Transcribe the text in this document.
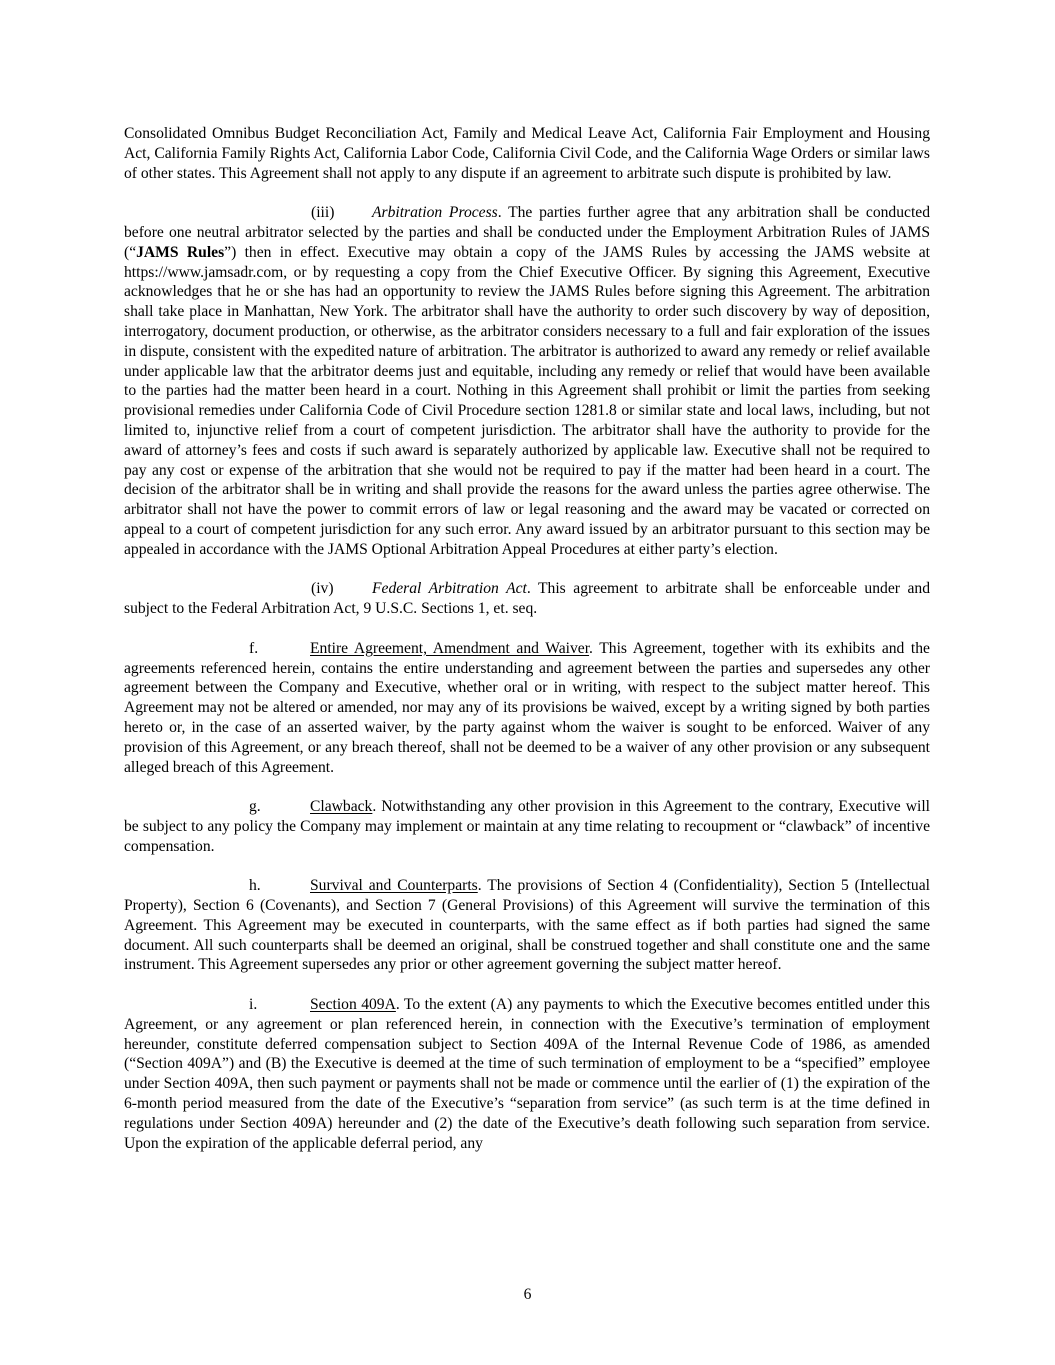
Consolidated Omnibus Budget Reconciliation Act, Family and Medical Leave Act, California Fair Employment and Housing Act, California Family Rights Act, California Labor Code, California Civil Code, and the California Wage Orders or similar laws of other states. This Agreement shall not apply to any dispute if an agreement to arbitrate such dispute is prohibited by law.

(iii) Arbitration Process. The parties further agree that any arbitration shall be conducted before one neutral arbitrator selected by the parties and shall be conducted under the Employment Arbitration Rules of JAMS (“JAMS Rules”) then in effect. Executive may obtain a copy of the JAMS Rules by accessing the JAMS website at https://www.jamsadr.com, or by requesting a copy from the Chief Executive Officer. By signing this Agreement, Executive acknowledges that he or she has had an opportunity to review the JAMS Rules before signing this Agreement. The arbitration shall take place in Manhattan, New York. The arbitrator shall have the authority to order such discovery by way of deposition, interrogatory, document production, or otherwise, as the arbitrator considers necessary to a full and fair exploration of the issues in dispute, consistent with the expedited nature of arbitration. The arbitrator is authorized to award any remedy or relief available under applicable law that the arbitrator deems just and equitable, including any remedy or relief that would have been available to the parties had the matter been heard in a court. Nothing in this Agreement shall prohibit or limit the parties from seeking provisional remedies under California Code of Civil Procedure section 1281.8 or similar state and local laws, including, but not limited to, injunctive relief from a court of competent jurisdiction. The arbitrator shall have the authority to provide for the award of attorney’s fees and costs if such award is separately authorized by applicable law. Executive shall not be required to pay any cost or expense of the arbitration that she would not be required to pay if the matter had been heard in a court. The decision of the arbitrator shall be in writing and shall provide the reasons for the award unless the parties agree otherwise. The arbitrator shall not have the power to commit errors of law or legal reasoning and the award may be vacated or corrected on appeal to a court of competent jurisdiction for any such error. Any award issued by an arbitrator pursuant to this section may be appealed in accordance with the JAMS Optional Arbitration Appeal Procedures at either party’s election.

(iv) Federal Arbitration Act. This agreement to arbitrate shall be enforceable under and subject to the Federal Arbitration Act, 9 U.S.C. Sections 1, et. seq.

f.	Entire Agreement, Amendment and Waiver. This Agreement, together with its exhibits and the agreements referenced herein, contains the entire understanding and agreement between the parties and supersedes any other agreement between the Company and Executive, whether oral or in writing, with respect to the subject matter hereof. This Agreement may not be altered or amended, nor may any of its provisions be waived, except by a writing signed by both parties hereto or, in the case of an asserted waiver, by the party against whom the waiver is sought to be enforced. Waiver of any provision of this Agreement, or any breach thereof, shall not be deemed to be a waiver of any other provision or any subsequent alleged breach of this Agreement.

g.	Clawback. Notwithstanding any other provision in this Agreement to the contrary, Executive will be subject to any policy the Company may implement or maintain at any time relating to recoupment or “clawback” of incentive compensation.

h.	Survival and Counterparts. The provisions of Section 4 (Confidentiality), Section 5 (Intellectual Property), Section 6 (Covenants), and Section 7 (General Provisions) of this Agreement will survive the termination of this Agreement. This Agreement may be executed in counterparts, with the same effect as if both parties had signed the same document. All such counterparts shall be deemed an original, shall be construed together and shall constitute one and the same instrument. This Agreement supersedes any prior or other agreement governing the subject matter hereof.

i.	Section 409A. To the extent (A) any payments to which the Executive becomes entitled under this Agreement, or any agreement or plan referenced herein, in connection with the Executive’s termination of employment hereunder, constitute deferred compensation subject to Section 409A of the Internal Revenue Code of 1986, as amended (“Section 409A”) and (B) the Executive is deemed at the time of such termination of employment to be a “specified” employee under Section 409A, then such payment or payments shall not be made or commence until the earlier of (1) the expiration of the 6-month period measured from the date of the Executive’s “separation from service” (as such term is at the time defined in regulations under Section 409A) hereunder and (2) the date of the Executive’s death following such separation from service. Upon the expiration of the applicable deferral period, any

6
